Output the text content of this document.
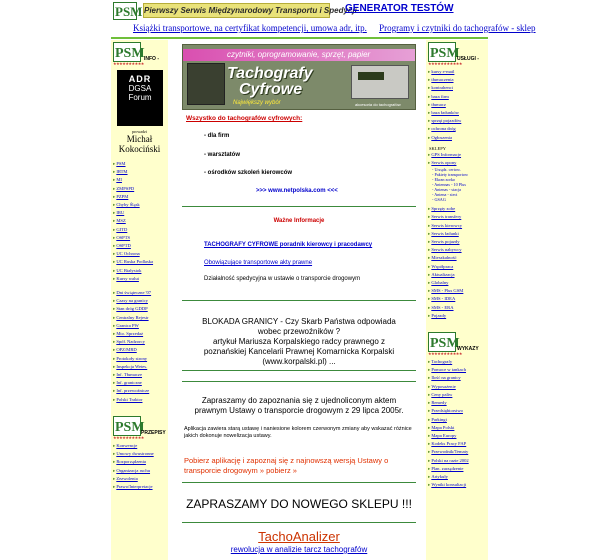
PSM Pierwszy Serwis Międzynarodowy Transportu i Spedycji
GENERATOR TESTÓW
Książki transportowe, na certyfikat kompetencji, umowa adr, itp. Programy i czytniki do tachografów - sklep
PSM INFO -
★★★★★★★★★★
ADR
DGSA
Forum
prowadzi
Michał Kokociński
▸ PSM
▸ IRTM
▸ MI
▸ ZMPSPD
▸ PZPM
▸ Chyby Śląsk
▸ IRU
▸ MSZ
▸ GITD
▸ OSPTS
▸ OSPTD
▸ UC Ochrona
▸ UC Ruska Podlaska
▸ UC Białystok
▸ Kursy walut
▸ Dni świąteczne '07
▸ Czasy na granicy
▸ Stan dróg GDDP
▸ Centralny Rejestr
▸ Granica PW
▸ Mto. Sprzedaż
▸ Spół. Nadzorcy
▸ OPZ/MRD
▸ Protokoły strony
▸ Inspekcja Wetes.
▸ Inf. Tłumacze
▸ Inf. graniczne
▸ Inf. przewoźnicze
▸ Polski Traktor
PSM
PRZEPISY
★★★★★★★★★★
▸ Konwencje
▸ Umowy dwustronne
▸ Rozporządzenia
▸ Organizacja ruchu
▸ Zezwolenia
▸ Prawo/Interpretacje
PSM
USŁUGI -
★★★★★★★★★★★
▸ kursy e-mail
▸ tłumaczenia
▸ kontrahenci
▸ baza firm
▸ tłumacz
▸ baza ładunków
▸ sprzęt pojazdów
▸ ochrona dróg
▸ Ogłoszenia
SKLEPY
▸ GPS Informacje
▸ Serwis opony
- Urządz. certow.
- Pakiety transportow
- Ekran zorko
- Antennas - 10 Plus
- Antenas - stacja
- Antena - sieci
- GSAG
▸ Sprzęty zobe
▸ Serwis transfery
▸ Serwis kierowcy
▸ Serwis ładunki
▸ Serwis pojazdy
▸ Serwis nabywcy
▸ Mieszkalność
▸ Współpraca
▸ Aktualizacja
▸ Globalny
▸ SMS - Plus GSM
▸ SMS - IDEA
▸ SMS - ERA
▸ Pojazdy
PSM
WYKAZY
★★★★★★★★★★★
▸ Tachografy
▸ Pomoce w tankach
▸ Ilość na granicy
▸ Wyposażenie
▸ Ceny paliw
▸ Remedy
▸ Przedsiębiorstwo
▸ Parkingi
▸ Mapa Polski
▸ Mapa Europy
▸ Kodeks Pracy FAP
▸ Przewodnik/Tematy
▸ Polski na razie 2002
▸ Plan. zarządzenie
▸ Artykuły
▸ Wyniki konsultacji
czytniki, oprogramowanie, sprzęt, papier
Tachografy
Cyfrowe
Największy wybór	akcesoria do tachografów
Wszystko do tachografów cyfrowych:
- dla firm
- warsztatów
- ośrodków szkoleń kierowców
>>> www.netpolska.com <<<
Ważne Informacje
TACHOGRAFY CYFROWE poradnik kierowcy i pracodawcy
Obowiązujące transportowe akty prawne
Działalność spedycyjna w ustawie o transporcie drogowym
BLOKADA GRANICY - Czy Skarb Państwa odpowiada wobec przewoźników ?
artykuł Mariusza Korpalskiego radcy prawnego z poznańskiej Kancelarii Prawnej Komarnicka Korpalski (www.korpalski.pl) ...
Zapraszamy do zapoznania się z ujednoliconym aktem prawnym Ustawy o transporcie drogowym z 29 lipca 2005r.
Aplikacja zawiera starą ustawę i naniesione kolorem czerwonym zmiany aby wskazać różnice jakich dokonuje nowelizacja ustawy.
Pobierz aplikację i zapoznaj się z najnowszą wersją Ustawy o transporcie drogowym » pobierz »
ZAPRASZAMY DO NOWEGO SKLEPU !!!
TachoAnalizer
rewolucja w analizie tarcz tachografów
